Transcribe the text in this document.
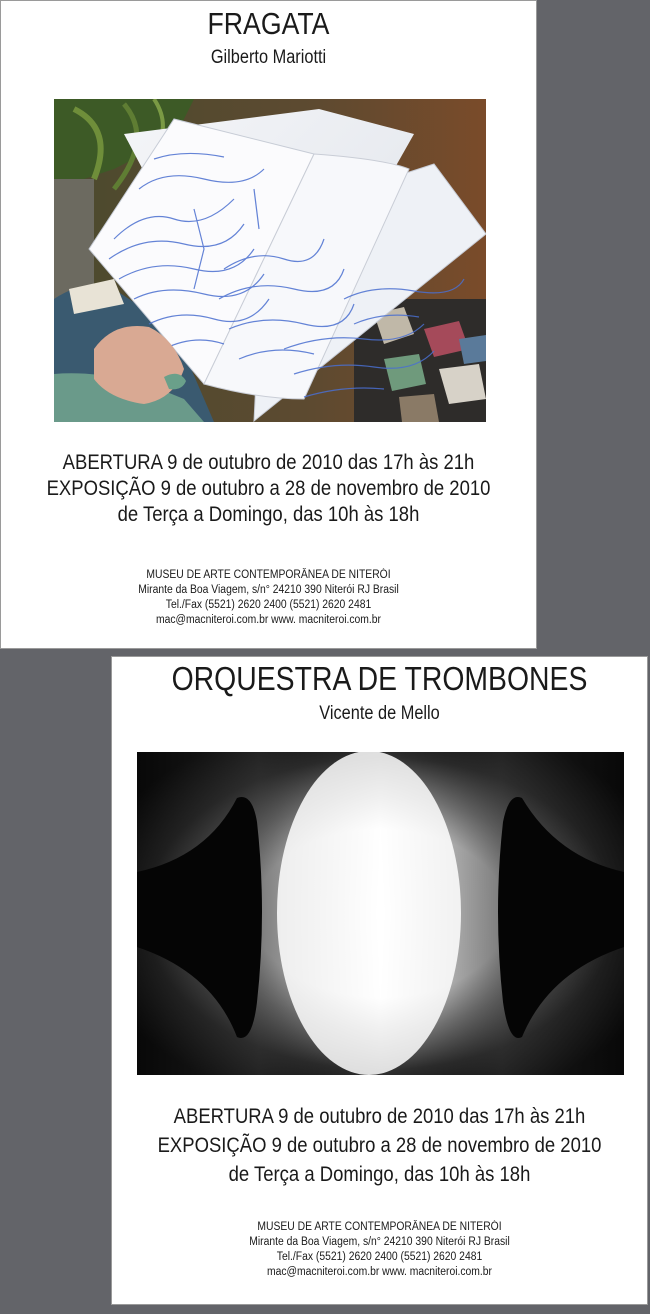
FRAGATA
Gilberto Mariotti
ABERTURA 9 de outubro de 2010 das 17h às 21h
EXPOSIÇÃO 9 de outubro a 28 de novembro de 2010
de Terça a Domingo, das 10h às 18h
MUSEU DE ARTE CONTEMPORÂNEA DE NITERÓI
Mirante da Boa Viagem, s/n° 24210 390 Niterói RJ Brasil
Tel./Fax (5521) 2620 2400 (5521) 2620 2481
mac@macniteroi.com.br www. macniteroi.com.br
ORQUESTRA DE TROMBONES
Vicente de Mello
ABERTURA 9 de outubro de 2010 das 17h às 21h
EXPOSIÇÃO 9 de outubro a 28 de novembro de 2010
de Terça a Domingo, das 10h às 18h
MUSEU DE ARTE CONTEMPORÂNEA DE NITERÓI
Mirante da Boa Viagem, s/n° 24210 390 Niterói RJ Brasil
Tel./Fax (5521) 2620 2400 (5521) 2620 2481
mac@macniteroi.com.br www. macniteroi.com.br
